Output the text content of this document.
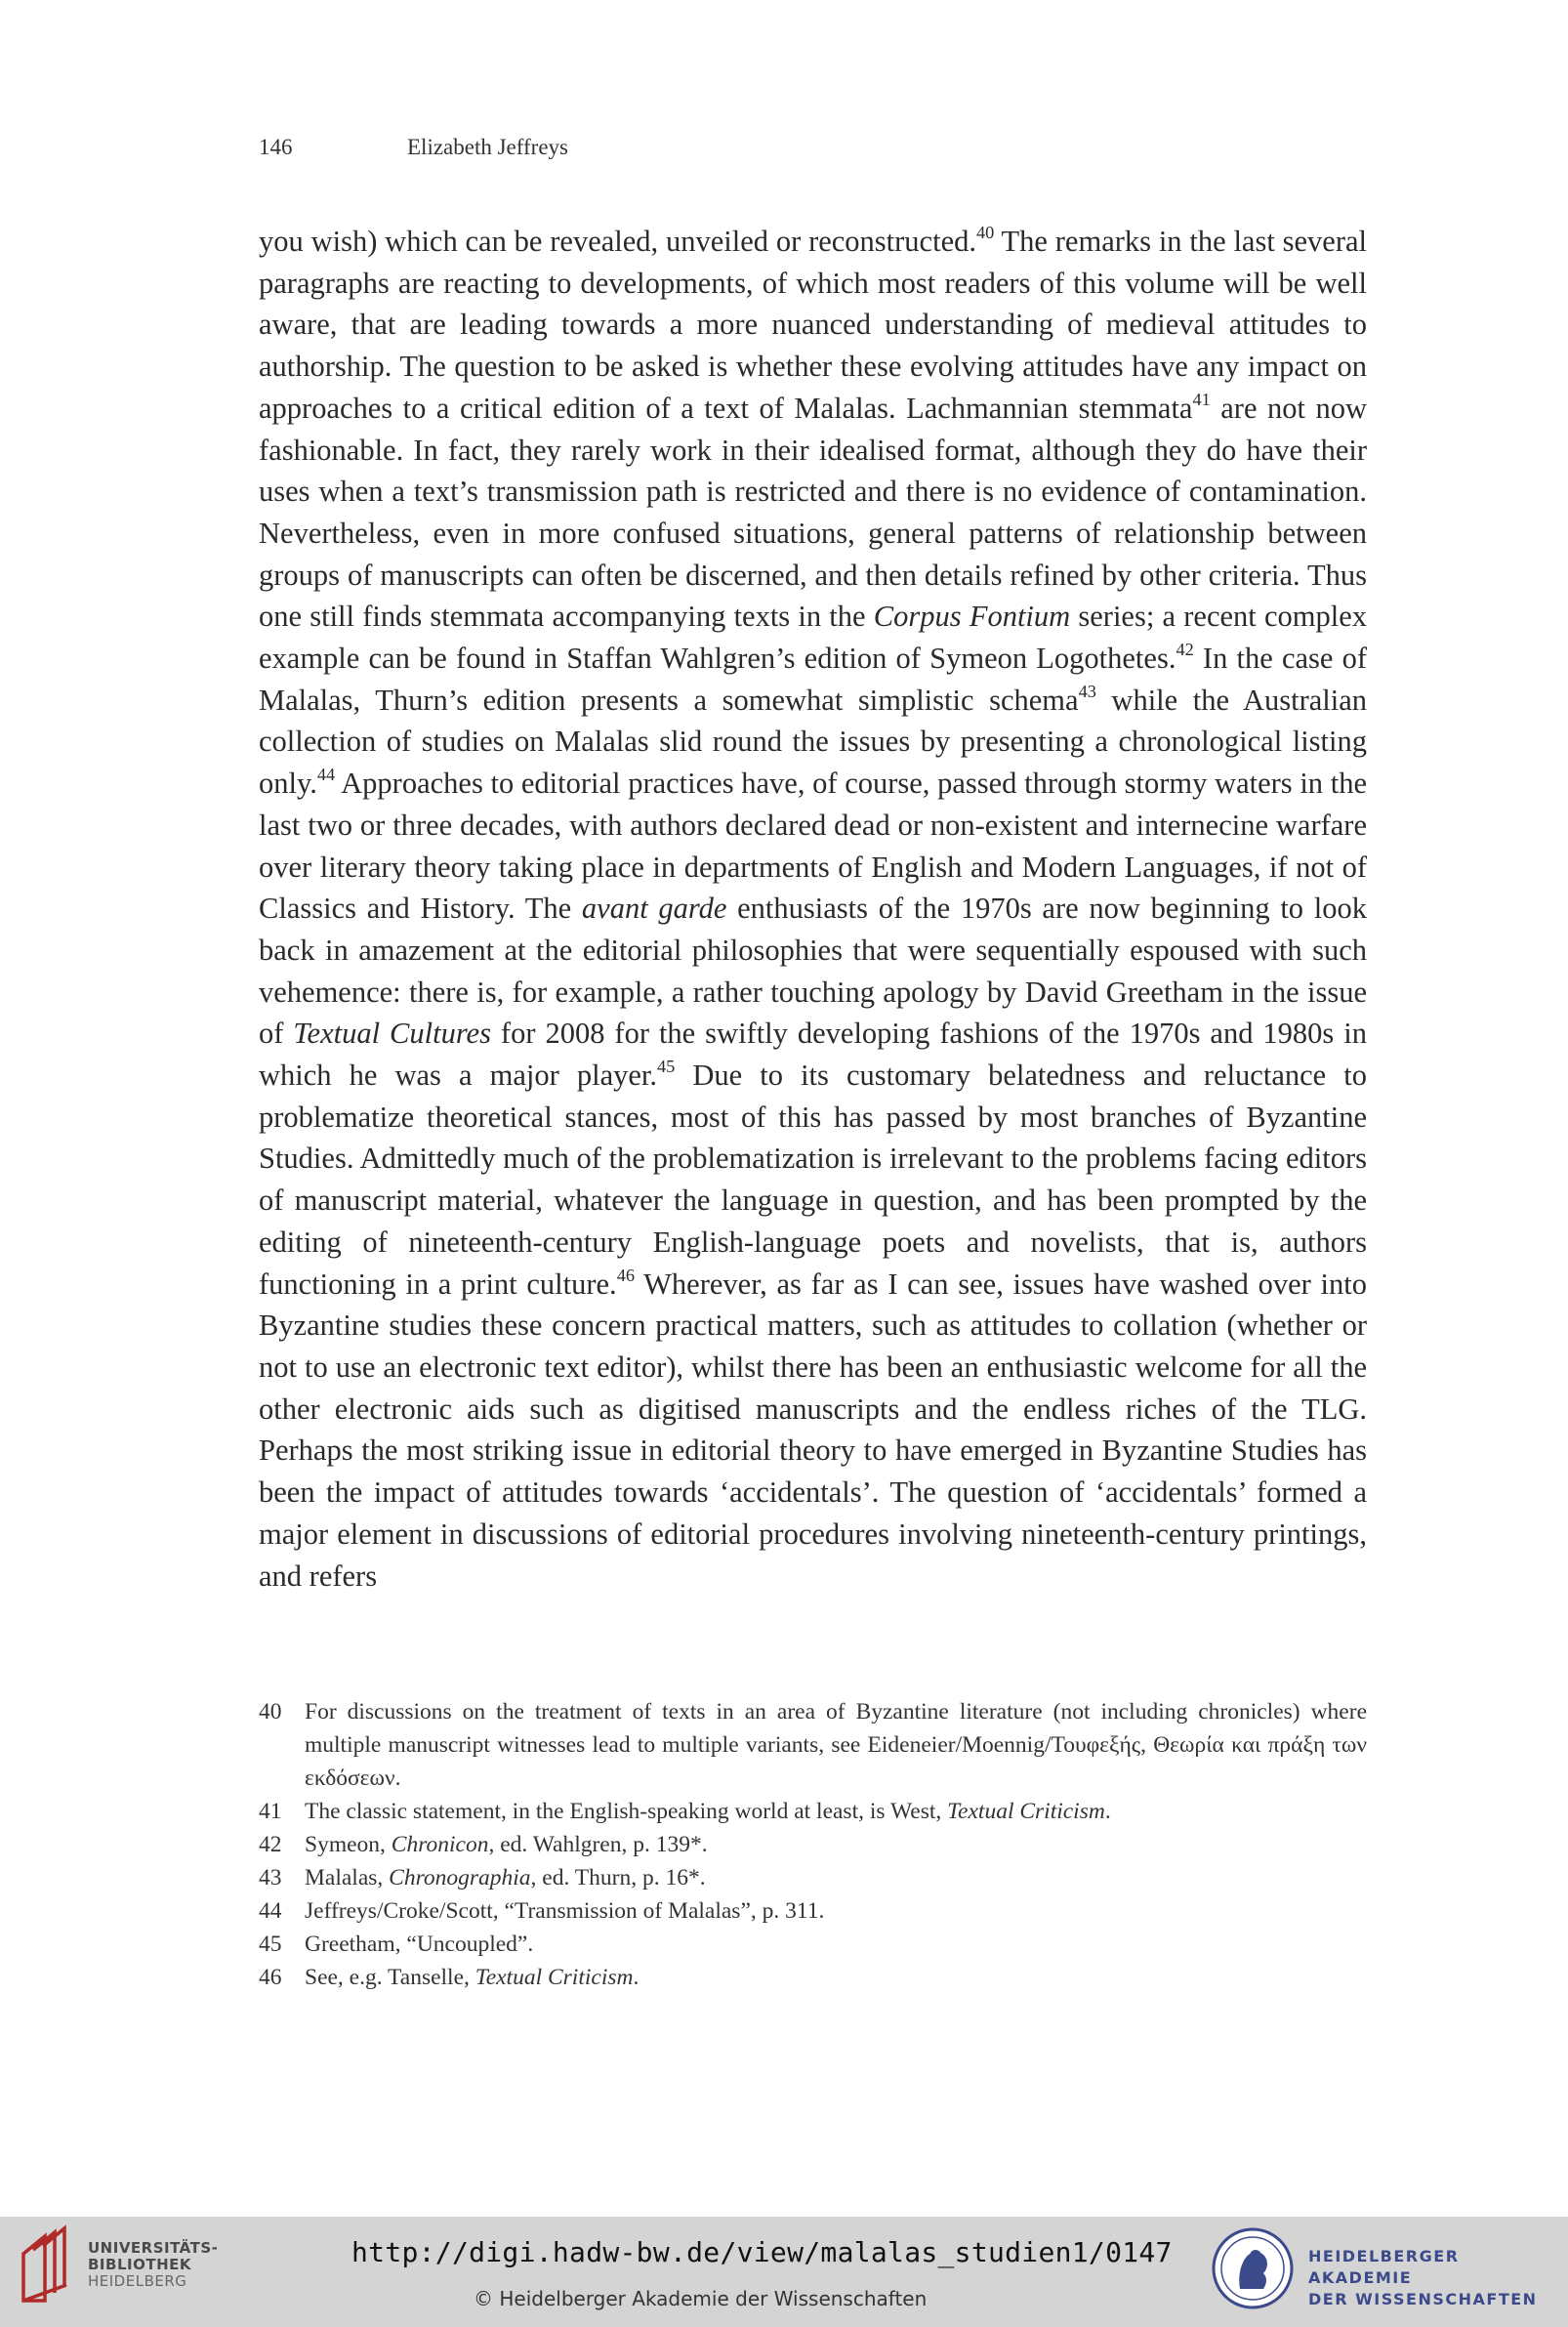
146	Elizabeth Jeffreys
you wish) which can be revealed, unveiled or reconstructed.$^{40}$ The remarks in the last several paragraphs are reacting to developments, of which most readers of this volume will be well aware, that are leading towards a more nuanced understanding of medieval attitudes to authorship. The question to be asked is whether these evolving attitudes have any impact on approaches to a critical edition of a text of Malalas. Lachmannian stemmata$^{41}$ are not now fashionable. In fact, they rarely work in their idealised format, although they do have their uses when a text’s transmission path is restricted and there is no evidence of contamination. Nevertheless, even in more confused situations, general patterns of relationship between groups of manuscripts can often be discerned, and then details refined by other criteria. Thus one still finds stemmata accompanying texts in the Corpus Fontium series; a recent complex example can be found in Staffan Wahlgren’s edition of Symeon Logothetes.$^{42}$ In the case of Malalas, Thurn’s edition presents a somewhat simplistic schema$^{43}$ while the Australian collection of studies on Malalas slid round the issues by presenting a chronological listing only.$^{44}$ Approaches to editorial practices have, of course, passed through stormy waters in the last two or three decades, with authors declared dead or non-existent and internecine warfare over literary theory taking place in departments of English and Modern Languages, if not of Classics and History. The avant garde enthusiasts of the 1970s are now beginning to look back in amazement at the editorial philosophies that were sequentially espoused with such vehemence: there is, for example, a rather touching apology by David Greetham in the issue of Textual Cultures for 2008 for the swiftly developing fashions of the 1970s and 1980s in which he was a major player.$^{45}$ Due to its customary belatedness and reluctance to problematize theoretical stances, most of this has passed by most branches of Byzantine Studies. Admittedly much of the problematization is irrelevant to the problems facing editors of manuscript material, whatever the language in question, and has been prompted by the editing of nineteenth-century English-language poets and novelists, that is, authors functioning in a print culture.$^{46}$ Wherever, as far as I can see, issues have washed over into Byzantine studies these concern practical matters, such as attitudes to collation (whether or not to use an electronic text editor), whilst there has been an enthusiastic welcome for all the other electronic aids such as digitised manuscripts and the endless riches of the TLG. Perhaps the most striking issue in editorial theory to have emerged in Byzantine Studies has been the impact of attitudes towards ‘accidentals’. The question of ‘accidentals’ formed a major element in discussions of editorial procedures involving nineteenth-century printings, and refers
40	For discussions on the treatment of texts in an area of Byzantine literature (not including chronicles) where multiple manuscript witnesses lead to multiple variants, see Eideneier/Moennig/Τουφεξής, Θεωρία και πράξη των εκδόσεων.
41	The classic statement, in the English-speaking world at least, is West, Textual Criticism.
42	Symeon, Chronicon, ed. Wahlgren, p. 139*.
43	Malalas, Chronographia, ed. Thurn, p. 16*.
44	Jeffreys/Croke/Scott, “Transmission of Malalas”, p. 311.
45	Greetham, “Uncoupled”.
46	See, e.g. Tanselle, Textual Criticism.
UNIVERSITÄTS-
BIBLIOTHEK
HEIDELBERG
http://digi.hadw-bw.de/view/malalas_studien1/0147
© Heidelberger Akademie der Wissenschaften
HEIDELBERGER AKADEMIE
DER WISSENSCHAFTEN
